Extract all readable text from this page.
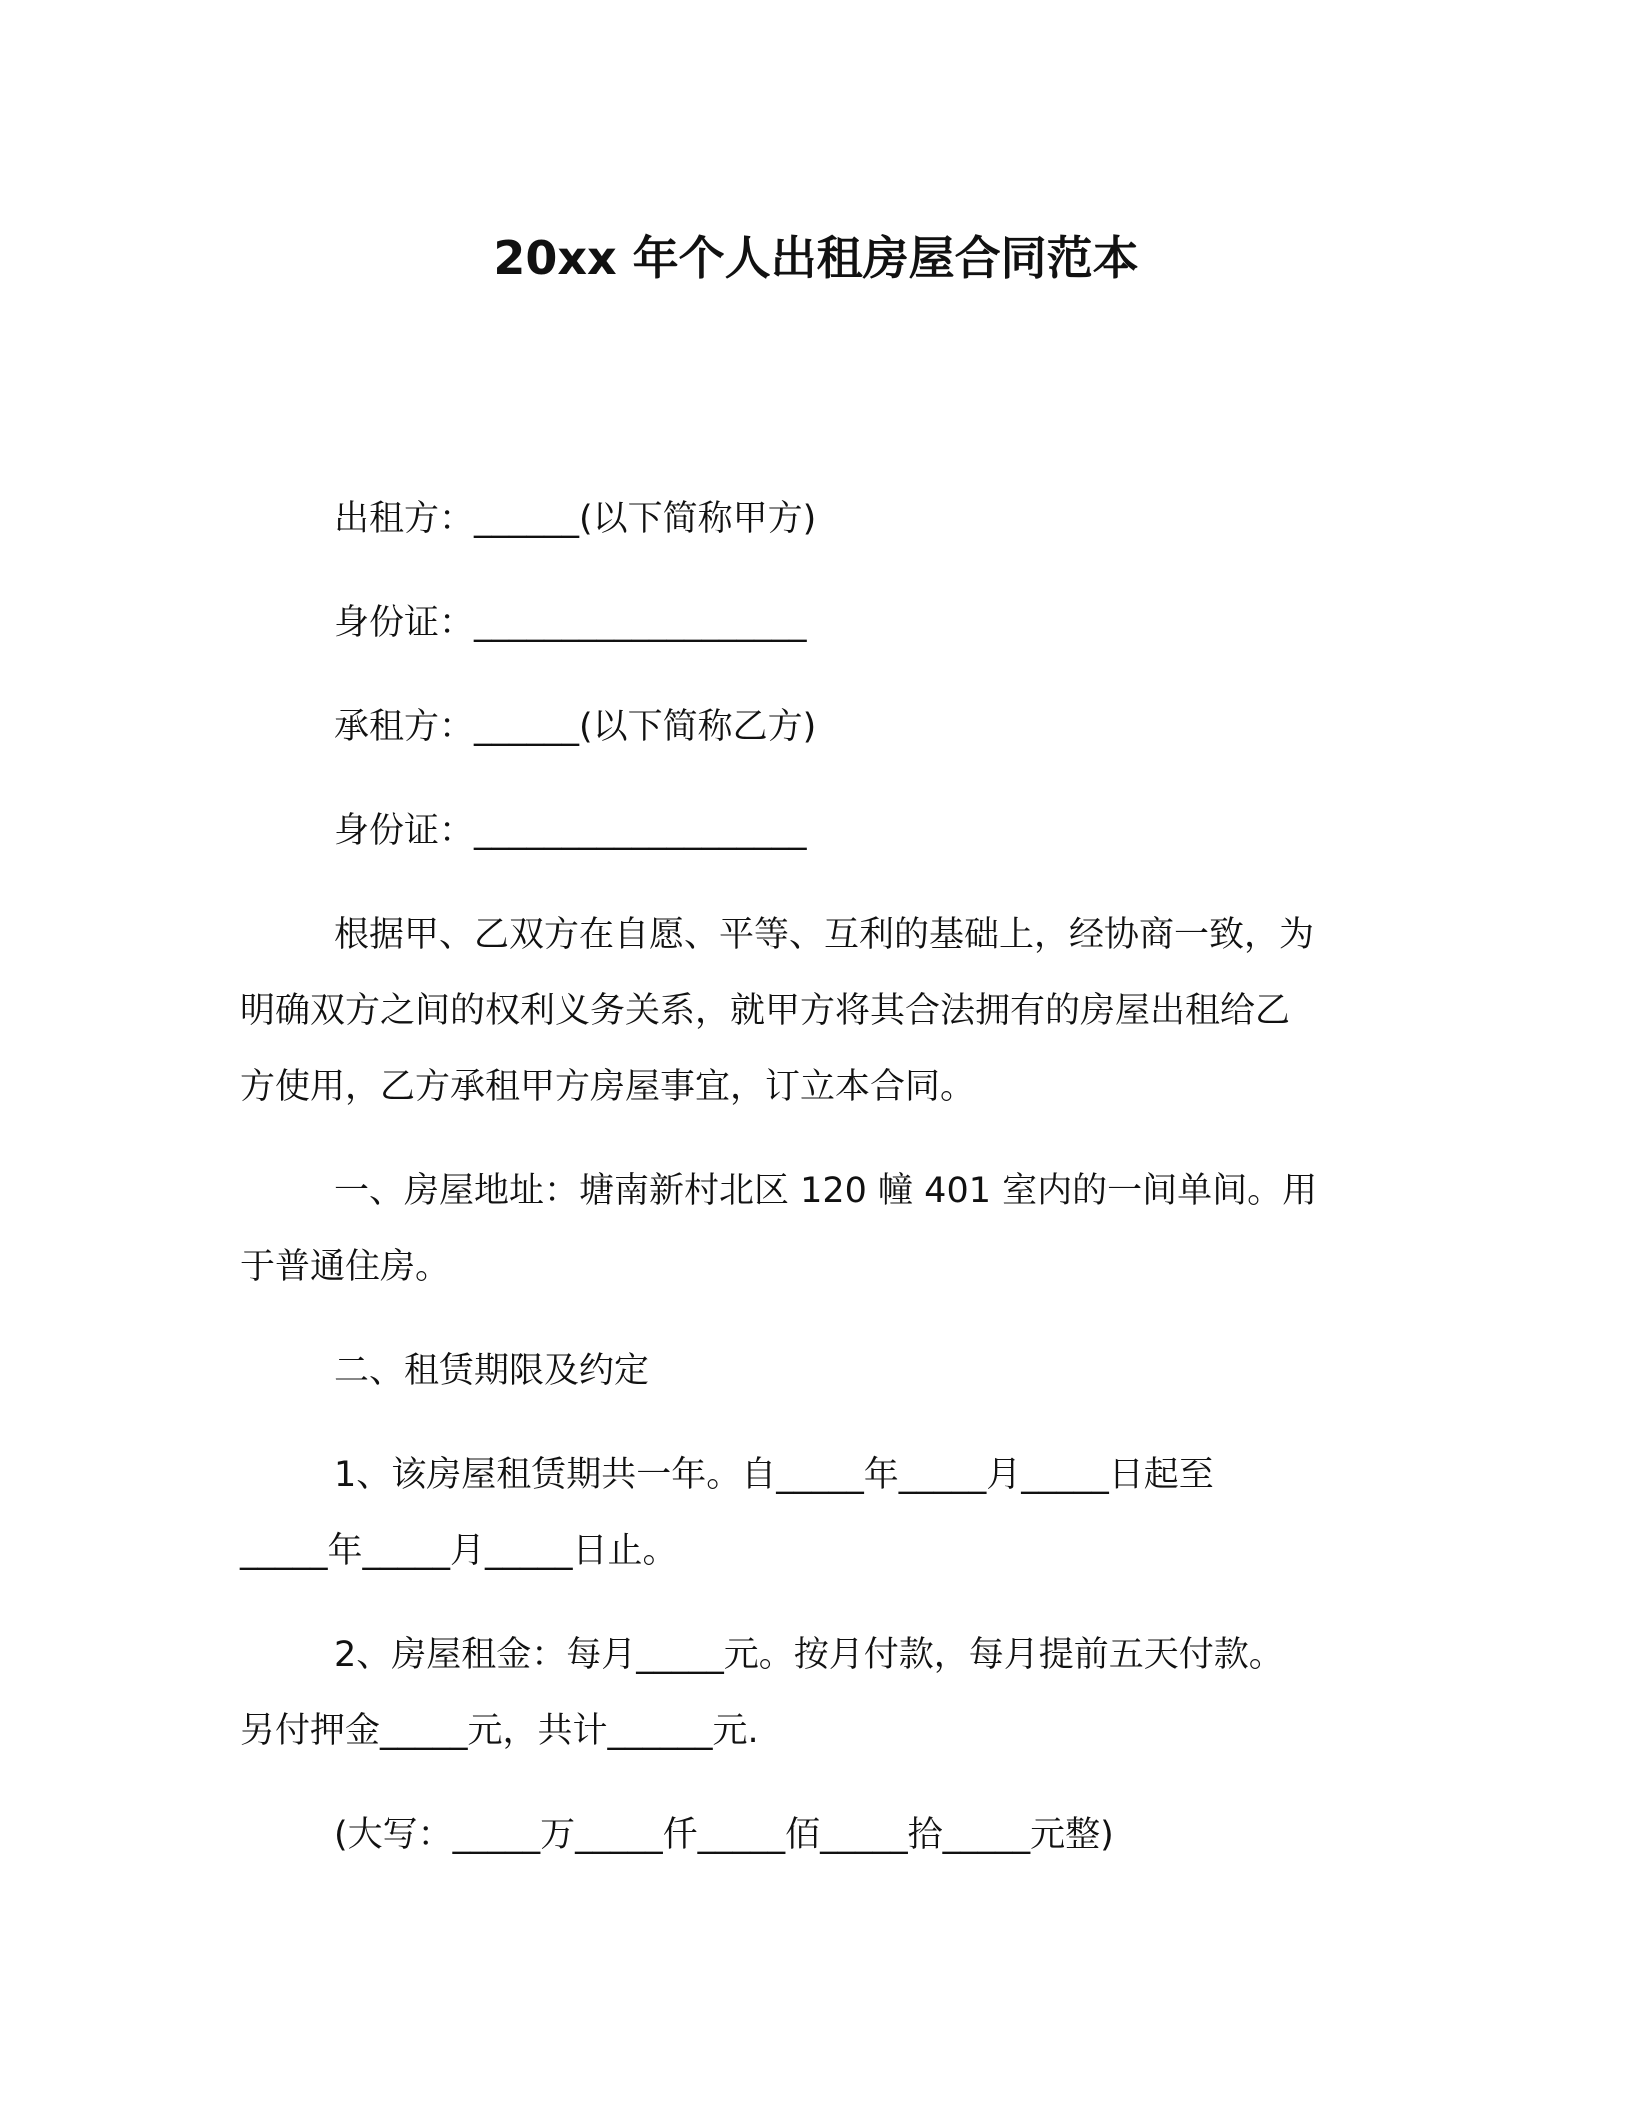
20xx 年个人出租房屋合同范本
出租方：______(以下简称甲方)
身份证：___________________
承租方：______(以下简称乙方)
身份证：___________________
根据甲、乙双方在自愿、平等、互利的基础上，经协商一致，为
明确双方之间的权利义务关系，就甲方将其合法拥有的房屋出租给乙
方使用，乙方承租甲方房屋事宜，订立本合同。
一、房屋地址：塘南新村北区 120 幢 401 室内的一间单间。用
于普通住房。
二、租赁期限及约定
1、该房屋租赁期共一年。自_____年_____月_____日起至
_____年_____月_____日止。
2、房屋租金：每月_____元。按月付款，每月提前五天付款。
另付押金_____元，共计______元.
(大写：_____万_____仟_____佰_____拾_____元整)
